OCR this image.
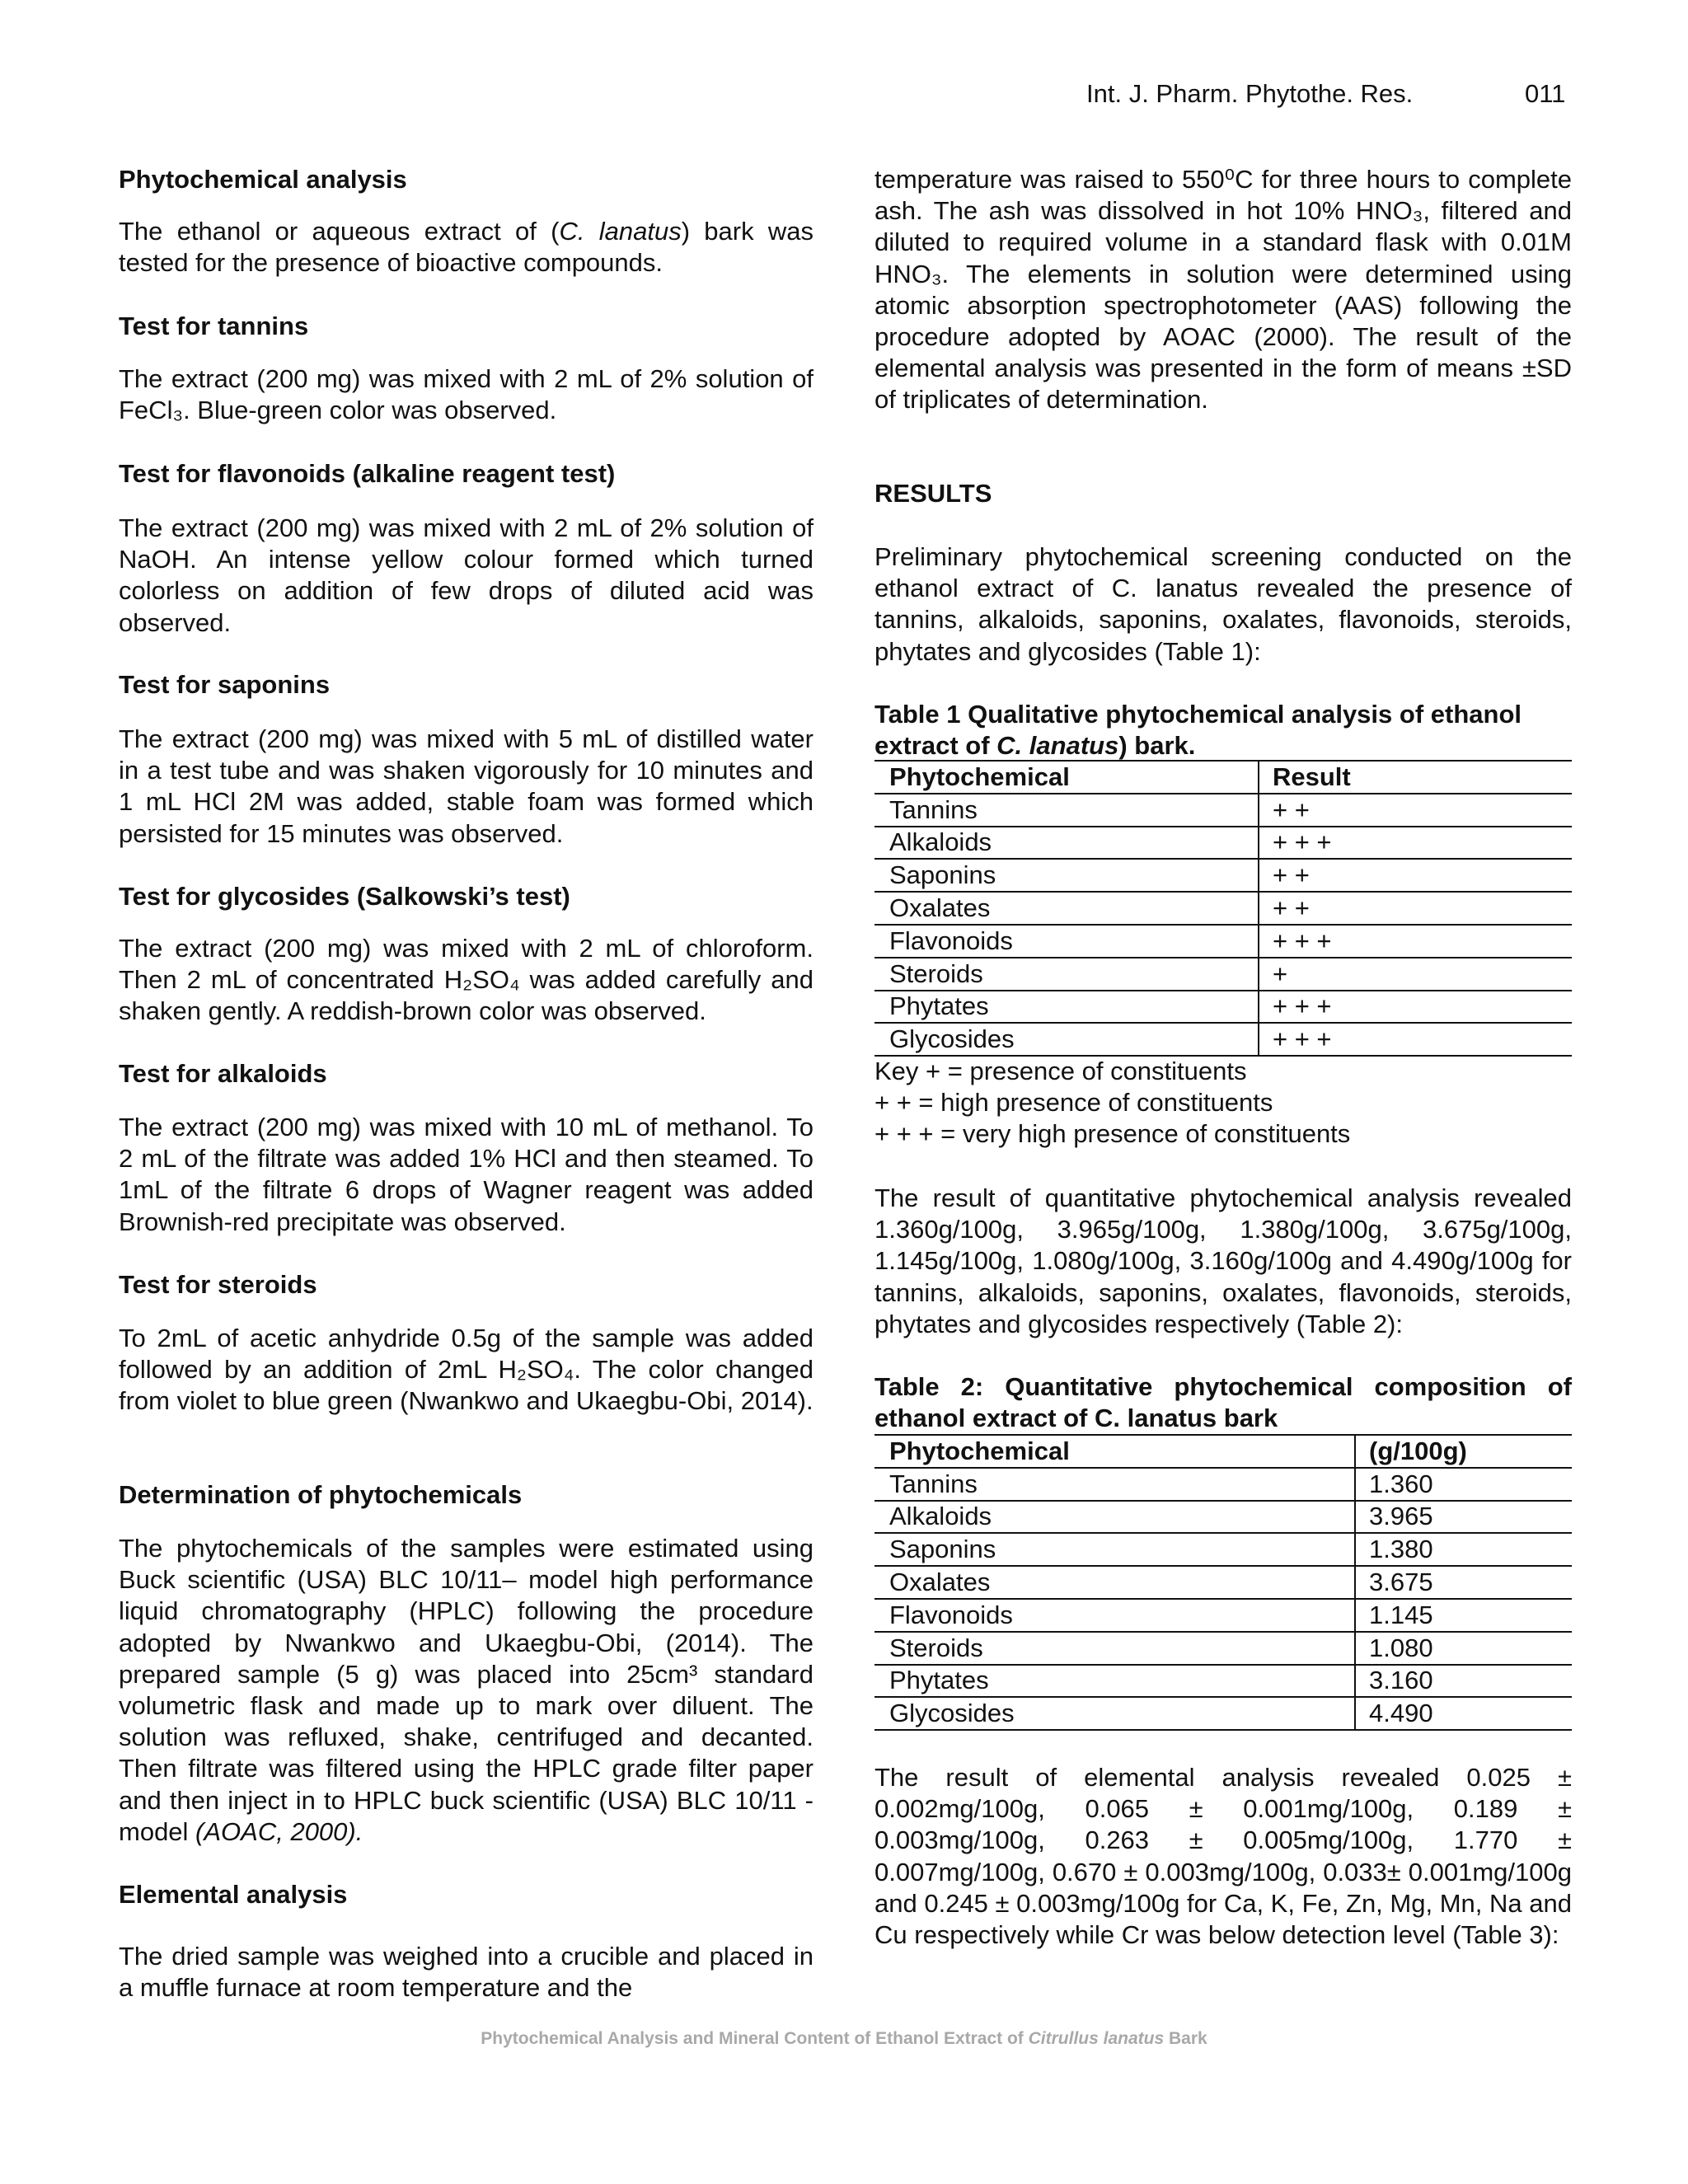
Int. J. Pharm. Phytothe. Res.	011
Phytochemical analysis
The ethanol or aqueous extract of (C. lanatus) bark was tested for the presence of bioactive compounds.
Test for tannins
The extract (200 mg) was mixed with 2 mL of 2% solution of FeCl₃. Blue-green color was observed.
Test for flavonoids (alkaline reagent test)
The extract (200 mg) was mixed with 2 mL of 2% solution of NaOH. An intense yellow colour formed which turned colorless on addition of few drops of diluted acid was observed.
Test for saponins
The extract (200 mg) was mixed with 5 mL of distilled water in a test tube and was shaken vigorously for 10 minutes and 1 mL HCl 2M was added, stable foam was formed which persisted for 15 minutes was observed.
Test for glycosides (Salkowski’s test)
The extract (200 mg) was mixed with 2 mL of chloroform. Then 2 mL of concentrated H₂SO₄ was added carefully and shaken gently. A reddish-brown color was observed.
Test for alkaloids
The extract (200 mg) was mixed with 10 mL of methanol. To 2 mL of the filtrate was added 1% HCl and then steamed. To 1mL of the filtrate 6 drops of Wagner reagent was added Brownish-red precipitate was observed.
Test for steroids
To 2mL of acetic anhydride 0.5g of the sample was added followed by an addition of 2mL H₂SO₄. The color changed from violet to blue green (Nwankwo and Ukaegbu-Obi, 2014).
Determination of phytochemicals
The phytochemicals of the samples were estimated using Buck scientific (USA) BLC 10/11– model high performance liquid chromatography (HPLC) following the procedure adopted by Nwankwo and Ukaegbu-Obi, (2014). The prepared sample (5 g) was placed into 25cm³ standard volumetric flask and made up to mark over diluent. The solution was refluxed, shake, centrifuged and decanted. Then filtrate was filtered using the HPLC grade filter paper and then inject in to HPLC buck scientific (USA) BLC 10/11 - model (AOAC, 2000).
Elemental analysis
The dried sample was weighed into a crucible and placed in a muffle furnace at room temperature and the
temperature was raised to 550⁰C for three hours to complete ash. The ash was dissolved in hot 10% HNO₃, filtered and diluted to required volume in a standard flask with 0.01M HNO₃. The elements in solution were determined using atomic absorption spectrophotometer (AAS) following the procedure adopted by AOAC (2000). The result of the elemental analysis was presented in the form of means ±SD of triplicates of determination.
RESULTS
Preliminary phytochemical screening conducted on the ethanol extract of C. lanatus revealed the presence of tannins, alkaloids, saponins, oxalates, flavonoids, steroids, phytates and glycosides (Table 1):
Table 1 Qualitative phytochemical analysis of ethanol extract of C. lanatus) bark.
Phytochemical	Result
Tannins	+ +
Alkaloids	+ + +
Saponins	+ +
Oxalates	+ +
Flavonoids	+ + +
Steroids	+
Phytates	+ + +
Glycosides	+ + +
Key + = presence of constituents
+ + = high presence of constituents
+ + + = very high presence of constituents
The result of quantitative phytochemical analysis revealed 1.360g/100g, 3.965g/100g, 1.380g/100g, 3.675g/100g, 1.145g/100g, 1.080g/100g, 3.160g/100g and 4.490g/100g for tannins, alkaloids, saponins, oxalates, flavonoids, steroids, phytates and glycosides respectively (Table 2):
Table 2: Quantitative phytochemical composition of ethanol extract of C. lanatus bark
Phytochemical	(g/100g)
Tannins	1.360
Alkaloids	3.965
Saponins	1.380
Oxalates	3.675
Flavonoids	1.145
Steroids	1.080
Phytates	3.160
Glycosides	4.490
The result of elemental analysis revealed 0.025 ± 0.002mg/100g, 0.065 ± 0.001mg/100g, 0.189 ± 0.003mg/100g, 0.263 ± 0.005mg/100g, 1.770 ± 0.007mg/100g, 0.670 ± 0.003mg/100g, 0.033± 0.001mg/100g and 0.245 ± 0.003mg/100g for Ca, K, Fe, Zn, Mg, Mn, Na and Cu respectively while Cr was below detection level (Table 3):
Phytochemical Analysis and Mineral Content of Ethanol Extract of Citrullus lanatus Bark
